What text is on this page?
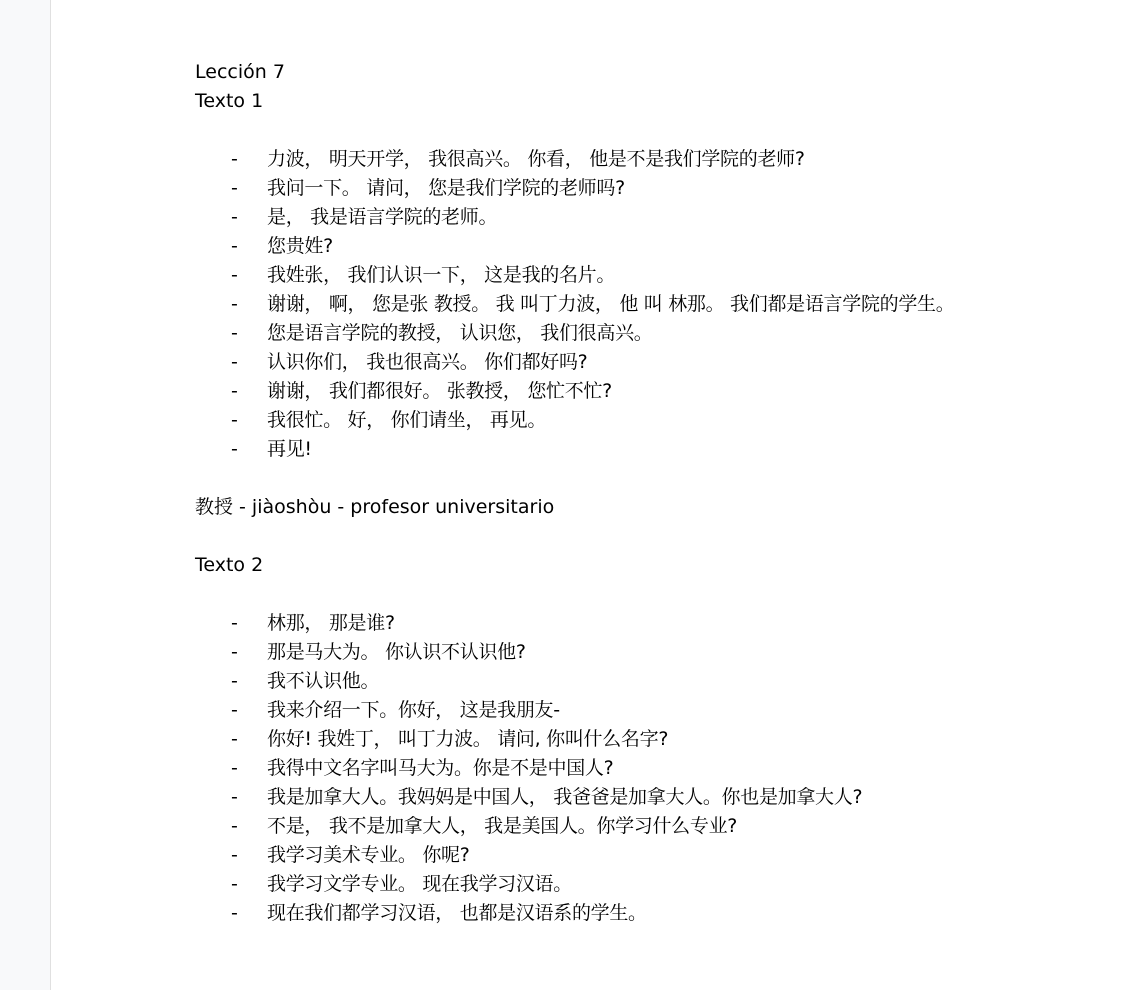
Lección 7
Texto 1
- 力波， 明天开学， 我很高兴。 你看， 他是不是我们学院的老师?
- 我问一下。 请问， 您是我们学院的老师吗?
- 是， 我是语言学院的老师。
- 您贵姓?
- 我姓张， 我们认识一下， 这是我的名片。
- 谢谢， 啊， 您是张 教授。 我 叫丁力波， 他 叫 林那。 我们都是语言学院的学生。
- 您是语言学院的教授， 认识您， 我们很高兴。
- 认识你们， 我也很高兴。 你们都好吗?
- 谢谢， 我们都很好。 张教授， 您忙不忙?
- 我很忙。 好， 你们请坐， 再见。
- 再见!
教授 - jiàoshòu - profesor universitario
Texto 2
- 林那， 那是谁?
- 那是马大为。 你认识不认识他?
- 我不认识他。
- 我来介绍一下。你好， 这是我朋友-
- 你好! 我姓丁， 叫丁力波。 请问, 你叫什么名字?
- 我得中文名字叫马大为。你是不是中国人?
- 我是加拿大人。我妈妈是中国人， 我爸爸是加拿大人。你也是加拿大人?
- 不是， 我不是加拿大人， 我是美国人。你学习什么专业?
- 我学习美术专业。 你呢?
- 我学习文学专业。 现在我学习汉语。
- 现在我们都学习汉语， 也都是汉语系的学生。
